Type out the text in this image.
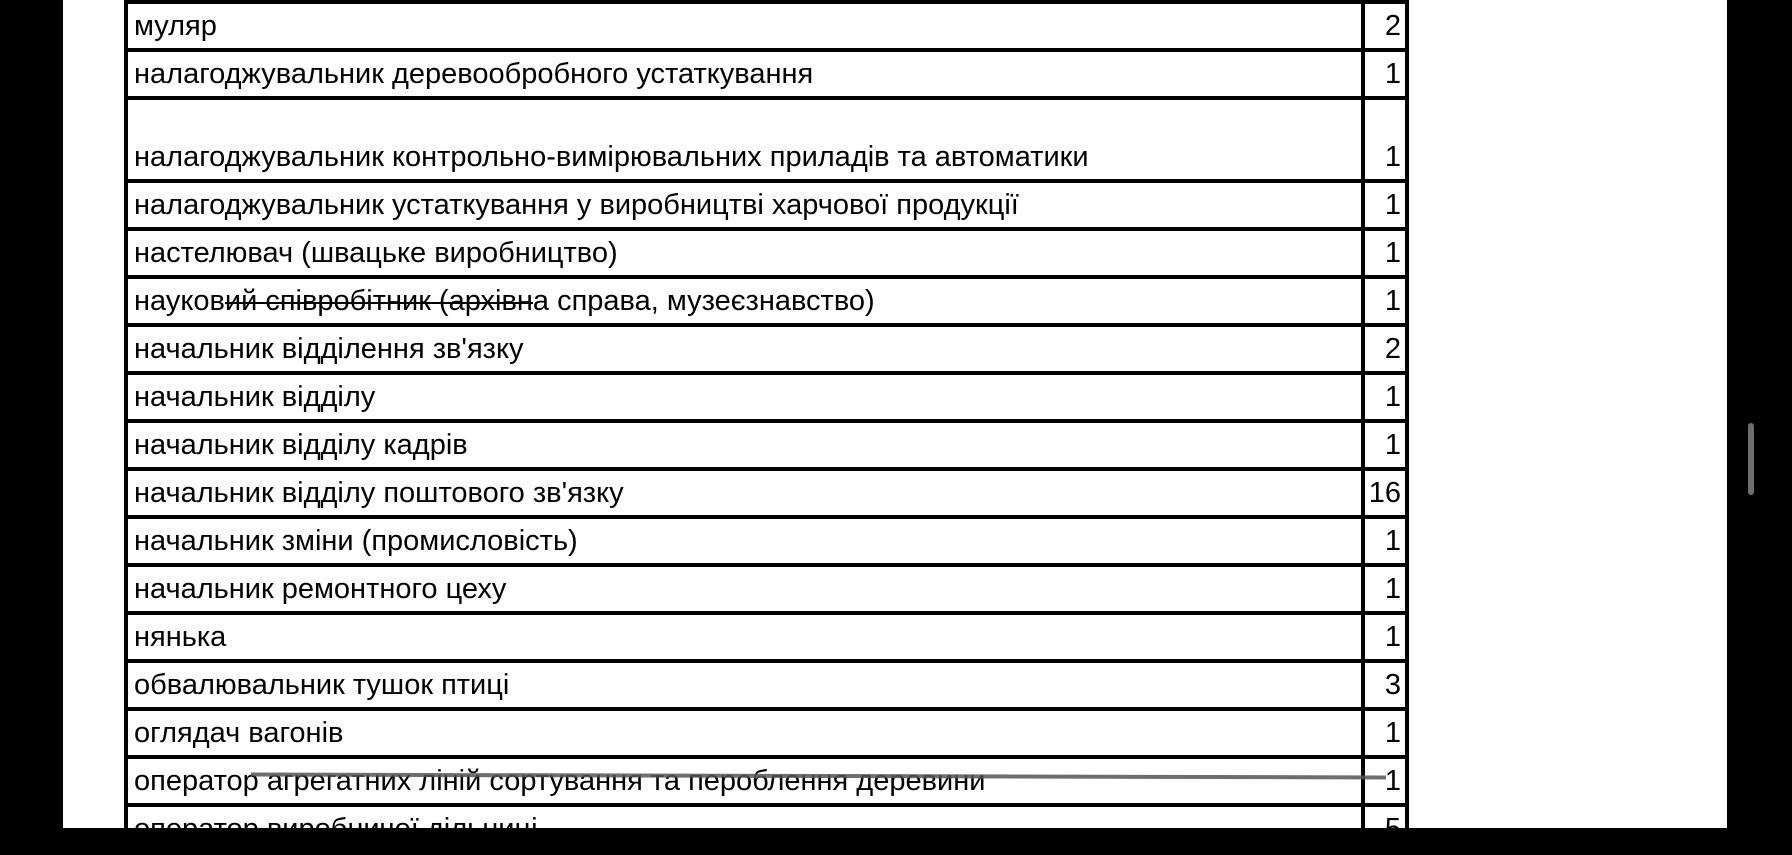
муляр	2
налагоджувальник деревообробного устаткування	1
налагоджувальник контрольно-вимірювальних приладів та автоматики	1
налагоджувальник устаткування у виробництві харчової продукції	1
настелювач (швацьке виробництво)	1
науковий співробітник (архівна справа, музеєзнавство)	1
начальник відділення зв'язку	2
начальник відділу	1
начальник відділу кадрів	1
начальник відділу поштового зв'язку	16
начальник зміни (промисловість)	1
начальник ремонтного цеху	1
нянька	1
обвалювальник тушок птиці	3
оглядач вагонів	1
оператор агрегатних ліній сортування та пероблення деревини	1
оператор виробничої дільниці	5
